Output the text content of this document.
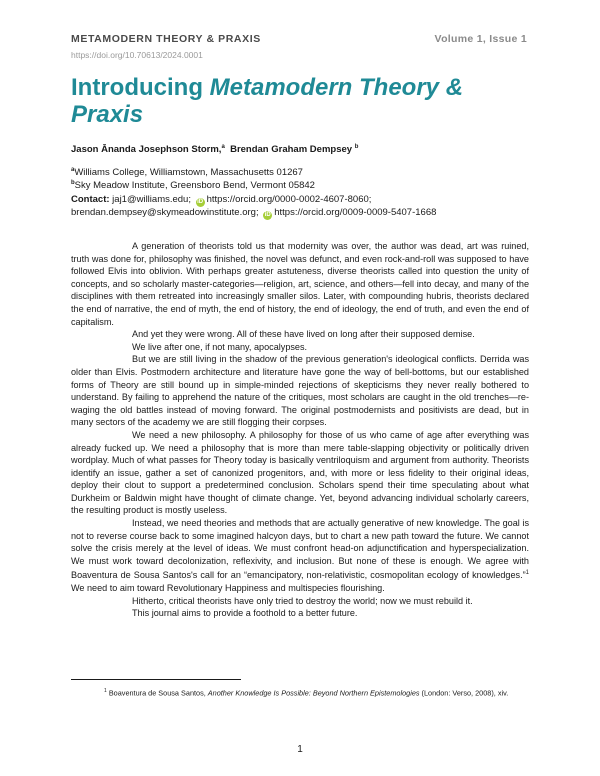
METAMODERN THEORY & PRAXIS	Volume 1, Issue 1
https://doi.org/10.70613/2024.0001
Introducing Metamodern Theory & Praxis
Jason Ānanda Josephson Storm,$^a$ Brendan Graham Dempsey $^b$
$^a$Williams College, Williamstown, Massachusetts 01267
$^b$Sky Meadow Institute, Greensboro Bend, Vermont 05842
Contact: jaj1@williams.edu; iD https://orcid.org/0000-0002-4607-8060;
brendan.dempsey@skymeadowinstitute.org; iD https://orcid.org/0009-0009-5407-1668

A generation of theorists told us that modernity was over, the author was dead, art was ruined, truth was done for, philosophy was finished, the novel was defunct, and even rock-and-roll was supposed to have followed Elvis into oblivion. With perhaps greater astuteness, diverse theorists called into question the unity of concepts, and so scholarly master-categories—religion, art, science, and others—fell into decay, and many of the disciplines with them retreated into increasingly smaller silos. Later, with compounding hubris, theorists declared the end of narrative, the end of myth, the end of history, the end of ideology, the end of truth, and even the end of capitalism.

And yet they were wrong. All of these have lived on long after their supposed demise.

We live after one, if not many, apocalypses.

But we are still living in the shadow of the previous generation's ideological conflicts. Derrida was older than Elvis. Postmodern architecture and literature have gone the way of bell-bottoms, but our established forms of Theory are still bound up in simple-minded rejections of skepticisms they never really bothered to understand. By failing to apprehend the nature of the critiques, most scholars are caught in the old trenches—re-waging the old battles instead of moving forward. The original postmodernists and positivists are dead, but in many sectors of the academy we are still flogging their corpses.

We need a new philosophy. A philosophy for those of us who came of age after everything was already fucked up. We need a philosophy that is more than mere table-slapping objectivity or politically driven wordplay. Much of what passes for Theory today is basically ventriloquism and argument from authority. Theorists identify an issue, gather a set of canonized progenitors, and, with more or less fidelity to their original ideas, deploy their clout to support a predetermined conclusion. Scholars spend their time speculating about what Durkheim or Baldwin might have thought of climate change. Yet, beyond advancing individual scholarly careers, the resulting product is mostly useless.

Instead, we need theories and methods that are actually generative of new knowledge. The goal is not to reverse course back to some imagined halcyon days, but to chart a new path toward the future. We cannot solve the crisis merely at the level of ideas. We must confront head-on adjunctification and hyperspecialization. We must work toward decolonization, reflexivity, and inclusion. But none of these is enough. We agree with Boaventura de Sousa Santos's call for an “emancipatory, non-relativistic, cosmopolitan ecology of knowledges.”$^1$ We need to aim toward Revolutionary Happiness and multispecies flourishing.

Hitherto, critical theorists have only tried to destroy the world; now we must rebuild it.

This journal aims to provide a foothold to a better future.

$^1$ Boaventura de Sousa Santos, Another Knowledge Is Possible: Beyond Northern Epistemologies (London: Verso, 2008), xiv.
1
